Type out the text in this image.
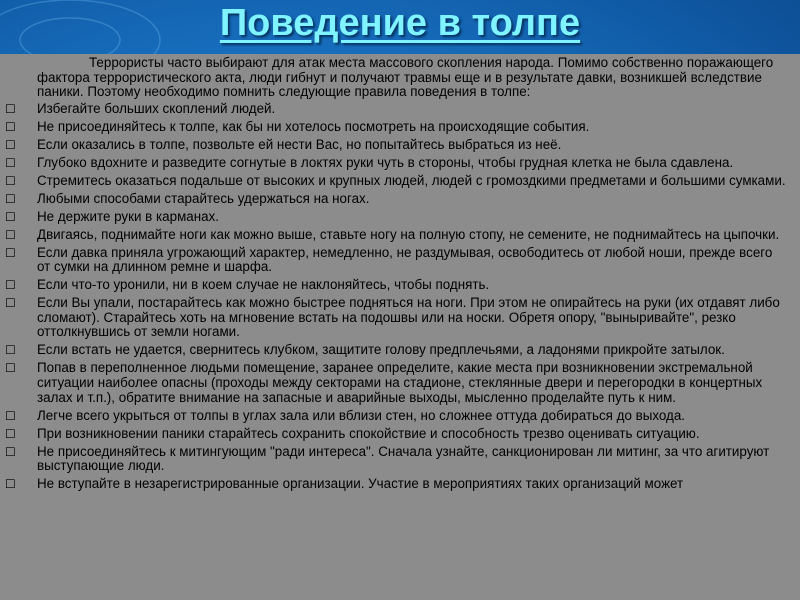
Поведение в толпе

Террористы часто выбирают для атак места массового скопления народа. Помимо собственно поражающего фактора террористического акта, люди гибнут и получают травмы еще и в результате давки, возникшей вследствие паники. Поэтому необходимо помнить следующие правила поведения в толпе:

☐ Избегайте больших скоплений людей.
☐ Не присоединяйтесь к толпе, как бы ни хотелось посмотреть на происходящие события.
☐ Если оказались в толпе, позвольте ей нести Вас, но попытайтесь выбраться из неё.
☐ Глубоко вдохните и разведите согнутые в локтях руки чуть в стороны, чтобы грудная клетка не была сдавлена.
☐ Стремитесь оказаться подальше от высоких и крупных людей, людей с громоздкими предметами и большими сумками.
☐ Любыми способами старайтесь удержаться на ногах.
☐ Не держите руки в карманах.
☐ Двигаясь, поднимайте ноги как можно выше, ставьте ногу на полную стопу, не семените, не поднимайтесь на цыпочки.
☐ Если давка приняла угрожающий характер, немедленно, не раздумывая, освободитесь от любой ноши, прежде всего от сумки на длинном ремне и шарфа.
☐ Если что-то уронили, ни в коем случае не наклоняйтесь, чтобы поднять.
☐ Если Вы упали, постарайтесь как можно быстрее подняться на ноги. При этом не опирайтесь на руки (их отдавят либо сломают). Старайтесь хоть на мгновение встать на подошвы или на носки. Обретя опору, "выныривайте", резко оттолкнувшись от земли ногами.
☐ Если встать не удается, свернитесь клубком, защитите голову предплечьями, а ладонями прикройте затылок.
☐ Попав в переполненное людьми помещение, заранее определите, какие места при возникновении экстремальной ситуации наиболее опасны (проходы между секторами на стадионе, стеклянные двери и перегородки в концертных залах и т.п.), обратите внимание на запасные и аварийные выходы, мысленно проделайте путь к ним.
☐ Легче всего укрыться от толпы в углах зала или вблизи стен, но сложнее оттуда добираться до выхода.
☐ При возникновении паники старайтесь сохранить спокойствие и способность трезво оценивать ситуацию.
☐ Не присоединяйтесь к митингующим "ради интереса". Сначала узнайте, санкционирован ли митинг, за что агитируют выступающие люди.
☐ Не вступайте в незарегистрированные организации. Участие в мероприятиях таких организаций может
